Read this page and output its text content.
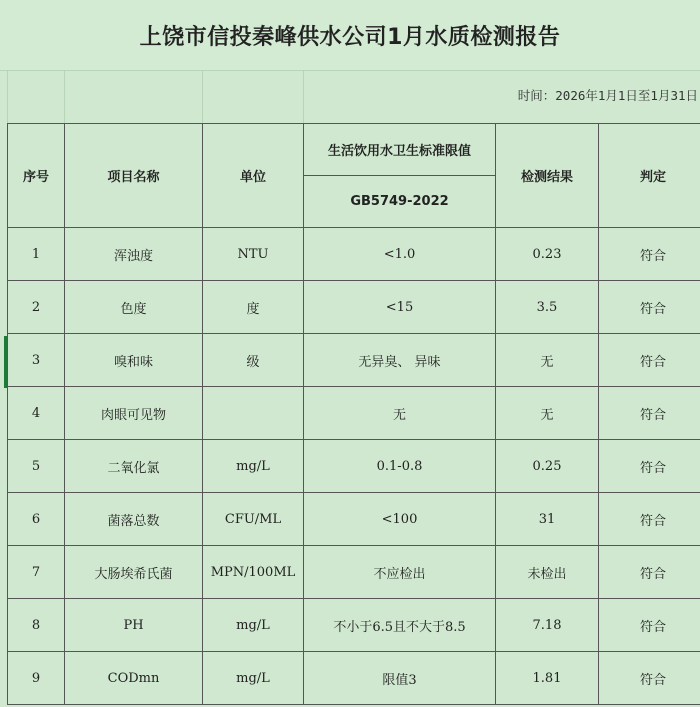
上饶市信投秦峰供水公司1月水质检测报告
时间：2026年1月1日至1月31日
序号	项目名称	单位	生活饮用水卫生标准限值	检测结果	判定
			GB5749-2022		
1	浑浊度	NTU	<1.0	0.23	符合
2	色度	度	<15	3.5	符合
3	嗅和味	级	无异臭、 异味	无	符合
4	肉眼可见物		无	无	符合
5	二氧化氯	mg/L	0.1-0.8	0.25	符合
6	菌落总数	CFU/ML	<100	31	符合
7	大肠埃希氏菌	MPN/100ML	不应检出	未检出	符合
8	PH	mg/L	不小于6.5且不大于8.5	7.18	符合
9	CODmn	mg/L	限值3	1.81	符合
